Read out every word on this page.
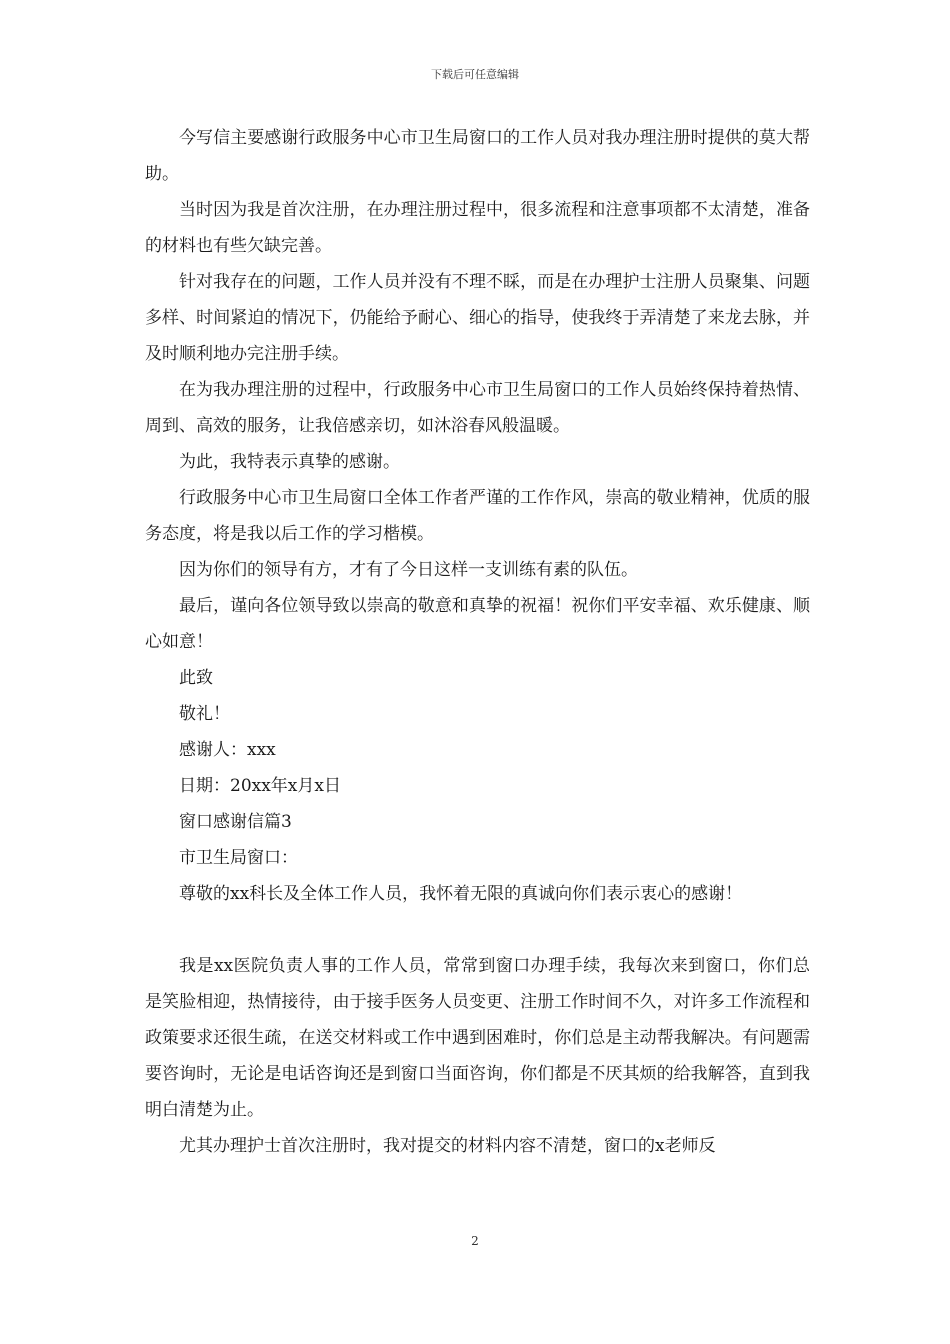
下载后可任意编辑

今写信主要感谢行政服务中心市卫生局窗口的工作人员对我办理注册时提供的莫大帮助。

当时因为我是首次注册，在办理注册过程中，很多流程和注意事项都不太清楚，准备的材料也有些欠缺完善。

针对我存在的问题，工作人员并没有不理不睬，而是在办理护士注册人员聚集、问题多样、时间紧迫的情况下，仍能给予耐心、细心的指导，使我终于弄清楚了来龙去脉，并及时顺利地办完注册手续。

在为我办理注册的过程中，行政服务中心市卫生局窗口的工作人员始终保持着热情、周到、高效的服务，让我倍感亲切，如沐浴春风般温暖。

为此，我特表示真挚的感谢。

行政服务中心市卫生局窗口全体工作者严谨的工作作风，崇高的敬业精神，优质的服务态度，将是我以后工作的学习楷模。

因为你们的领导有方，才有了今日这样一支训练有素的队伍。

最后，谨向各位领导致以崇高的敬意和真挚的祝福！祝你们平安幸福、欢乐健康、顺心如意！

此致

敬礼！

感谢人：xxx

日期：20xx年x月x日

窗口感谢信篇3

市卫生局窗口：

尊敬的xx科长及全体工作人员，我怀着无限的真诚向你们表示衷心的感谢！

我是xx医院负责人事的工作人员，常常到窗口办理手续，我每次来到窗口，你们总是笑脸相迎，热情接待，由于接手医务人员变更、注册工作时间不久，对许多工作流程和政策要求还很生疏，在送交材料或工作中遇到困难时，你们总是主动帮我解决。有问题需要咨询时，无论是电话咨询还是到窗口当面咨询，你们都是不厌其烦的给我解答，直到我明白清楚为止。

尤其办理护士首次注册时，我对提交的材料内容不清楚，窗口的x老师反

2
